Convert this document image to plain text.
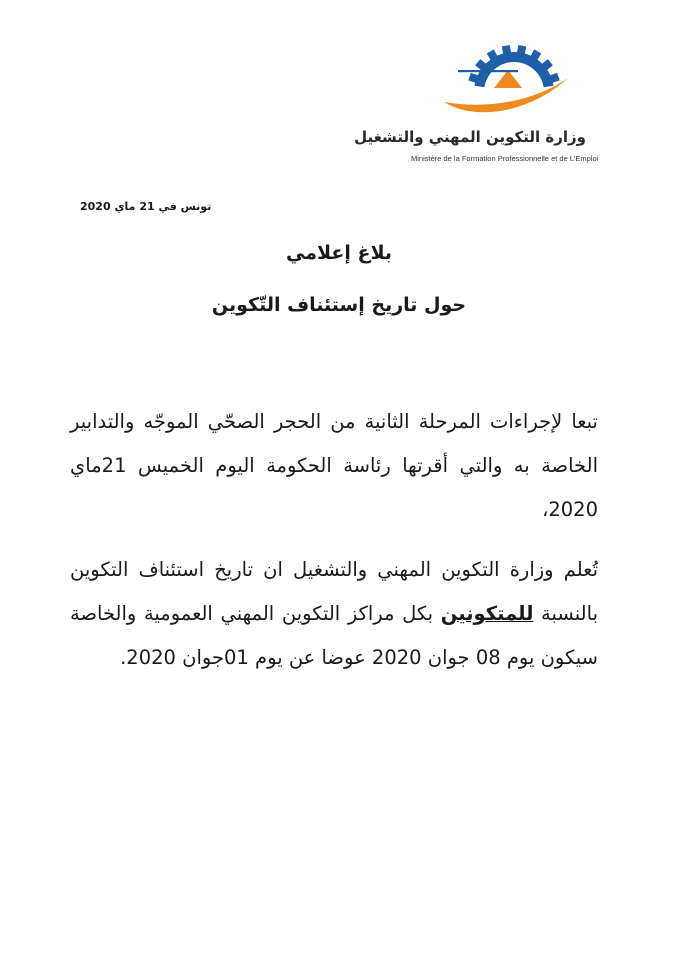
وزارة التكوين المهني والتشغيل
Ministère de la Formation Professionnelle et de L'Emploi
تونس في 21 ماي 2020
بلاغ إعلامي
حول تاريخ إستئناف التّكوين
تبعا لإجراءات المرحلة الثانية من الحجر الصحّي الموجّه والتدابير الخاصة به والتي أقرتها رئاسة الحكومة اليوم الخميس 21ماي 2020،
تُعلم وزارة التكوين المهني والتشغيل ان تاريخ استئناف التكوين بالنسبة للمتكونين بكل مراكز التكوين المهني العمومية والخاصة سيكون يوم 08 جوان 2020 عوضا عن يوم 01جوان 2020.
